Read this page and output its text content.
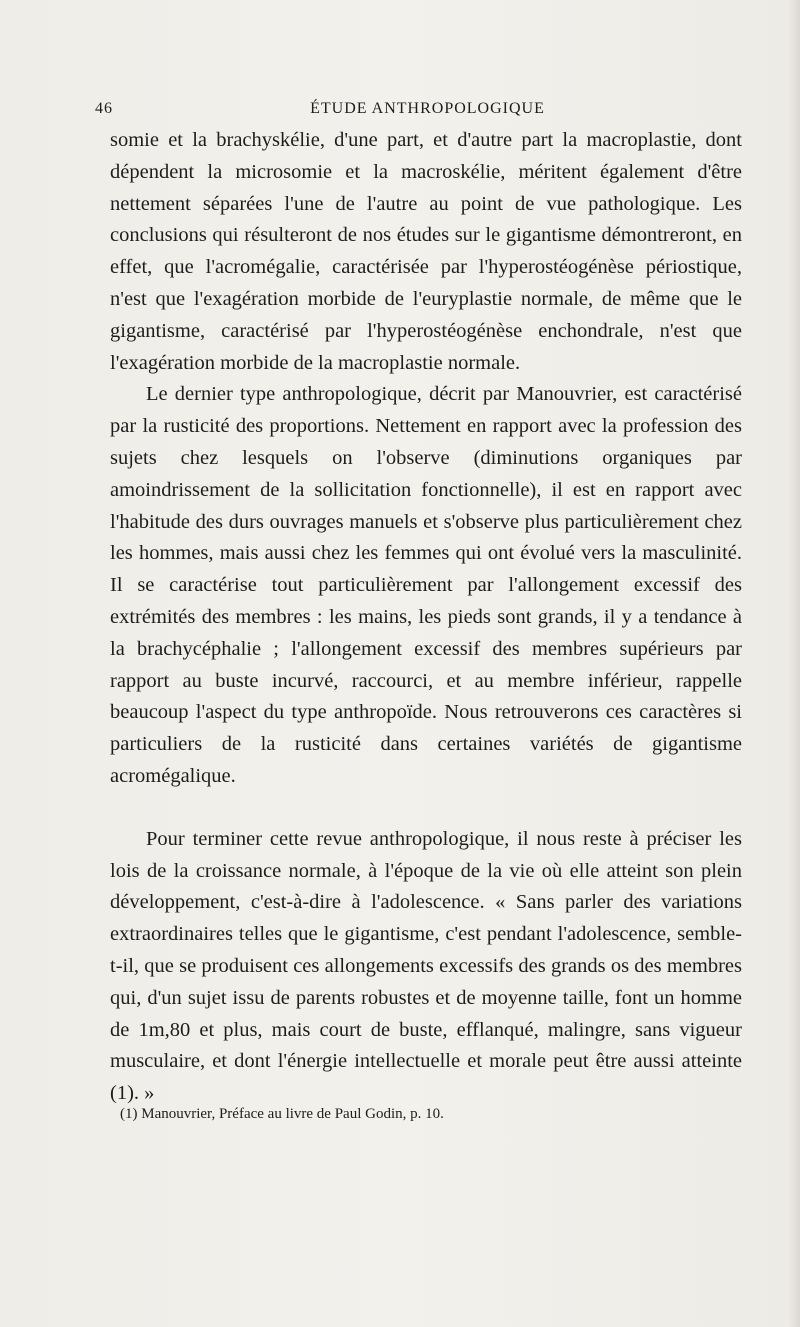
46	ÉTUDE ANTHROPOLOGIQUE

somie et la brachyskélie, d'une part, et d'autre part la macroplastie, dont dépendent la microsomie et la macroskélie, méritent également d'être nettement séparées l'une de l'autre au point de vue pathologique. Les conclusions qui résulteront de nos études sur le gigantisme démontreront, en effet, que l'acromégalie, caractérisée par l'hyperostéogénèse périostique, n'est que l'exagération morbide de l'euryplastie normale, de même que le gigantisme, caractérisé par l'hyperostéogénèse enchondrale, n'est que l'exagération morbide de la macroplastie normale.

Le dernier type anthropologique, décrit par Manouvrier, est caractérisé par la rusticité des proportions. Nettement en rapport avec la profession des sujets chez lesquels on l'observe (diminutions organiques par amoindrissement de la sollicitation fonctionnelle), il est en rapport avec l'habitude des durs ouvrages manuels et s'observe plus particulièrement chez les hommes, mais aussi chez les femmes qui ont évolué vers la masculinité. Il se caractérise tout particulièrement par l'allongement excessif des extrémités des membres : les mains, les pieds sont grands, il y a tendance à la brachycéphalie ; l'allongement excessif des membres supérieurs par rapport au buste incurvé, raccourci, et au membre inférieur, rappelle beaucoup l'aspect du type anthropoïde. Nous retrouverons ces caractères si particuliers de la rusticité dans certaines variétés de gigantisme acromégalique.

Pour terminer cette revue anthropologique, il nous reste à préciser les lois de la croissance normale, à l'époque de la vie où elle atteint son plein développement, c'est-à-dire à l'adolescence. « Sans parler des variations extraordinaires telles que le gigantisme, c'est pendant l'adolescence, semble-t-il, que se produisent ces allongements excessifs des grands os des membres qui, d'un sujet issu de parents robustes et de moyenne taille, font un homme de 1m,80 et plus, mais court de buste, efflanqué, malingre, sans vigueur musculaire, et dont l'énergie intellectuelle et morale peut être aussi atteinte (1). »

(1) Manouvrier, Préface au livre de Paul Godin, p. 10.
